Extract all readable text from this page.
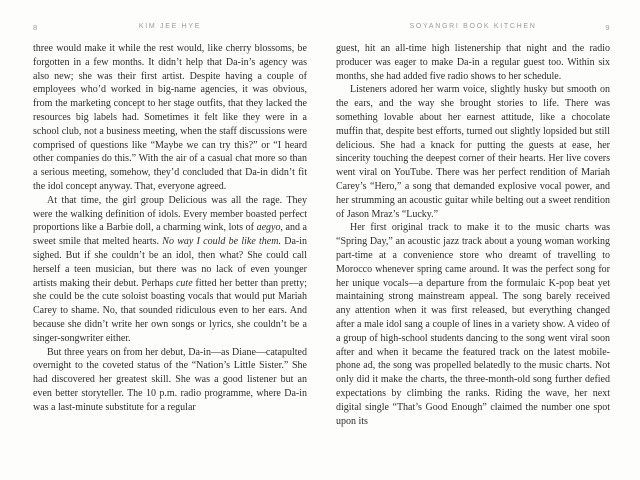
8	KIM JEE HYE

three would make it while the rest would, like cherry blossoms, be forgotten in a few months. It didn’t help that Da-in’s agency was also new; she was their first artist. Despite having a couple of employees who’d worked in big-name agencies, it was obvious, from the marketing concept to her stage outfits, that they lacked the resources big labels had. Sometimes it felt like they were in a school club, not a business meeting, when the staff discussions were comprised of questions like “Maybe we can try this?” or “I heard other companies do this.” With the air of a casual chat more so than a serious meeting, somehow, they’d concluded that Da-in didn’t fit the idol concept anyway. That, everyone agreed.

At that time, the girl group Delicious was all the rage. They were the walking definition of idols. Every member boasted perfect proportions like a Barbie doll, a charming wink, lots of aegyo, and a sweet smile that melted hearts. No way I could be like them. Da-in sighed. But if she couldn’t be an idol, then what? She could call herself a teen musician, but there was no lack of even younger artists making their debut. Perhaps cute fitted her better than pretty; she could be the cute soloist boasting vocals that would put Mariah Carey to shame. No, that sounded ridiculous even to her ears. And because she didn’t write her own songs or lyrics, she couldn’t be a singer-songwriter either.

But three years on from her debut, Da-in—as Diane—catapulted overnight to the coveted status of the “Nation’s Little Sister.” She had discovered her greatest skill. She was a good listener but an even better storyteller. The 10 p.m. radio programme, where Da-in was a last-minute substitute for a regular

SOYANGRI BOOK KITCHEN	9

guest, hit an all-time high listenership that night and the radio producer was eager to make Da-in a regular guest too. Within six months, she had added five radio shows to her schedule.

Listeners adored her warm voice, slightly husky but smooth on the ears, and the way she brought stories to life. There was something lovable about her earnest attitude, like a chocolate muffin that, despite best efforts, turned out slightly lopsided but still delicious. She had a knack for putting the guests at ease, her sincerity touching the deepest corner of their hearts. Her live covers went viral on YouTube. There was her perfect rendition of Mariah Carey’s “Hero,” a song that demanded explosive vocal power, and her strumming an acoustic guitar while belting out a sweet rendition of Jason Mraz’s “Lucky.”

Her first original track to make it to the music charts was “Spring Day,” an acoustic jazz track about a young woman working part-time at a convenience store who dreamt of travelling to Morocco whenever spring came around. It was the perfect song for her unique vocals—a departure from the formulaic K-pop beat yet maintaining strong mainstream appeal. The song barely received any attention when it was first released, but everything changed after a male idol sang a couple of lines in a variety show. A video of a group of high-school students dancing to the song went viral soon after and when it became the featured track on the latest mobile-phone ad, the song was propelled belatedly to the music charts. Not only did it make the charts, the three-month-old song further defied expectations by climbing the ranks. Riding the wave, her next digital single “That’s Good Enough” claimed the number one spot upon its
